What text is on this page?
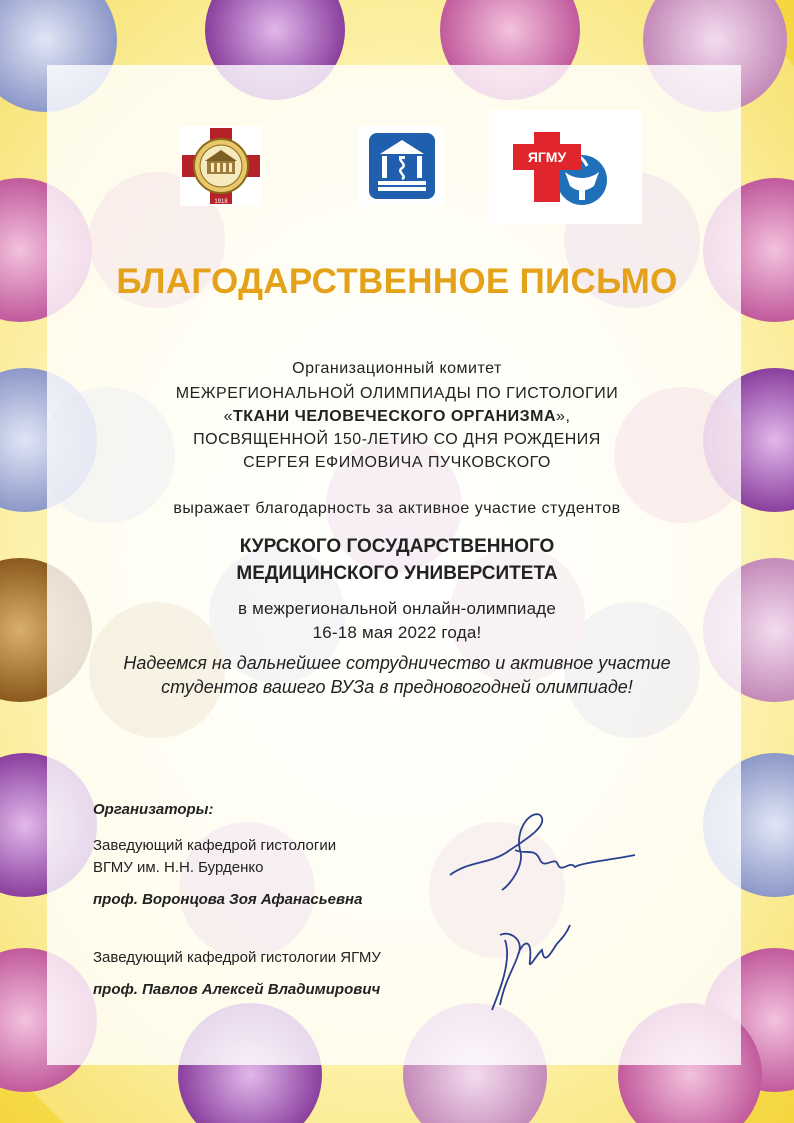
1918
ЯГМУ
БЛАГОДАРСТВЕННОЕ ПИСЬМО
Организационный комитет
МЕЖРЕГИОНАЛЬНОЙ ОЛИМПИАДЫ ПО ГИСТОЛОГИИ
«ТКАНИ ЧЕЛОВЕЧЕСКОГО ОРГАНИЗМА»,
ПОСВЯЩЕННОЙ 150-ЛЕТИЮ СО ДНЯ РОЖДЕНИЯ
СЕРГЕЯ ЕФИМОВИЧА ПУЧКОВСКОГО
выражает благодарность за активное участие студентов
КУРСКОГО ГОСУДАРСТВЕННОГО
МЕДИЦИНСКОГО УНИВЕРСИТЕТА
в межрегиональной онлайн-олимпиаде
16-18 мая 2022 года!
Надеемся на дальнейшее сотрудничество и активное участие
студентов вашего ВУЗа в предновогодней олимпиаде!
Организаторы:
Заведующий кафедрой гистологии
ВГМУ им. Н.Н. Бурденко
проф. Воронцова Зоя Афанасьевна
Заведующий кафедрой гистологии ЯГМУ
проф. Павлов Алексей Владимирович
